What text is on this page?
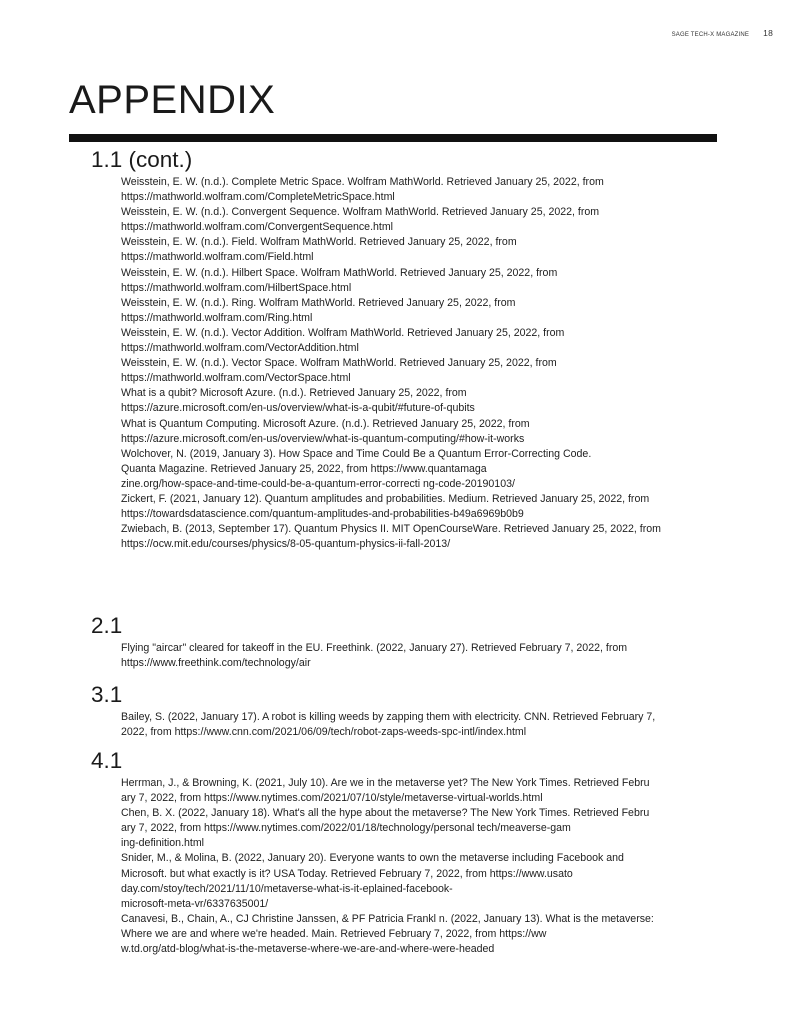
SAGE TECH-X MAGAZINE 18
APPENDIX
1.1 (cont.)
Weisstein, E. W. (n.d.). Complete Metric Space. Wolfram MathWorld. Retrieved January 25, 2022, from
https://mathworld.wolfram.com/CompleteMetricSpace.html
Weisstein, E. W. (n.d.). Convergent Sequence. Wolfram MathWorld. Retrieved January 25, 2022, from
https://mathworld.wolfram.com/ConvergentSequence.html
Weisstein, E. W. (n.d.). Field. Wolfram MathWorld. Retrieved January 25, 2022, from
https://mathworld.wolfram.com/Field.html
Weisstein, E. W. (n.d.). Hilbert Space. Wolfram MathWorld. Retrieved January 25, 2022, from
https://mathworld.wolfram.com/HilbertSpace.html
Weisstein, E. W. (n.d.). Ring. Wolfram MathWorld. Retrieved January 25, 2022, from
https://mathworld.wolfram.com/Ring.html
Weisstein, E. W. (n.d.). Vector Addition. Wolfram MathWorld. Retrieved January 25, 2022, from
https://mathworld.wolfram.com/VectorAddition.html
Weisstein, E. W. (n.d.). Vector Space. Wolfram MathWorld. Retrieved January 25, 2022, from
https://mathworld.wolfram.com/VectorSpace.html
What is a qubit? Microsoft Azure. (n.d.). Retrieved January 25, 2022, from
https://azure.microsoft.com/en-us/overview/what-is-a-qubit/#future-of-qubits
What is Quantum Computing. Microsoft Azure. (n.d.). Retrieved January 25, 2022, from
https://azure.microsoft.com/en-us/overview/what-is-quantum-computing/#how-it-works
Wolchover, N. (2019, January 3). How Space and Time Could Be a Quantum Error-Correcting Code.
Quanta Magazine. Retrieved January 25, 2022, from https://www.quantamaga
zine.org/how-space-and-time-could-be-a-quantum-error-correcti ng-code-20190103/
Zickert, F. (2021, January 12). Quantum amplitudes and probabilities. Medium. Retrieved January 25, 2022, from
https://towardsdatascience.com/quantum-amplitudes-and-probabilities-b49a6969b0b9
Zwiebach, B. (2013, September 17). Quantum Physics II. MIT OpenCourseWare. Retrieved January 25, 2022, from
https://ocw.mit.edu/courses/physics/8-05-quantum-physics-ii-fall-2013/
2.1
Flying "aircar" cleared for takeoff in the EU. Freethink. (2022, January 27). Retrieved February 7, 2022, from
https://www.freethink.com/technology/air
3.1
Bailey, S. (2022, January 17). A robot is killing weeds by zapping them with electricity. CNN. Retrieved February 7,
2022, from https://www.cnn.com/2021/06/09/tech/robot-zaps-weeds-spc-intl/index.html
4.1
Herrman, J., & Browning, K. (2021, July 10). Are we in the metaverse yet? The New York Times. Retrieved Febru
ary 7, 2022, from https://www.nytimes.com/2021/07/10/style/metaverse-virtual-worlds.html
Chen, B. X. (2022, January 18). What's all the hype about the metaverse? The New York Times. Retrieved Febru
ary 7, 2022, from https://www.nytimes.com/2022/01/18/technology/personal tech/meaverse-gam
ing-definition.html
Snider, M., & Molina, B. (2022, January 20). Everyone wants to own the metaverse including Facebook and
Microsoft. but what exactly is it? USA Today. Retrieved February 7, 2022, from https://www.usato
day.com/stoy/tech/2021/11/10/metaverse-what-is-it-eplained-facebook-
microsoft-meta-vr/6337635001/
Canavesi, B., Chain, A., CJ Christine Janssen, & PF Patricia Frankl n. (2022, January 13). What is the metaverse:
Where we are and where we're headed. Main. Retrieved February 7, 2022, from https://ww
w.td.org/atd-blog/what-is-the-metaverse-where-we-are-and-where-were-headed
